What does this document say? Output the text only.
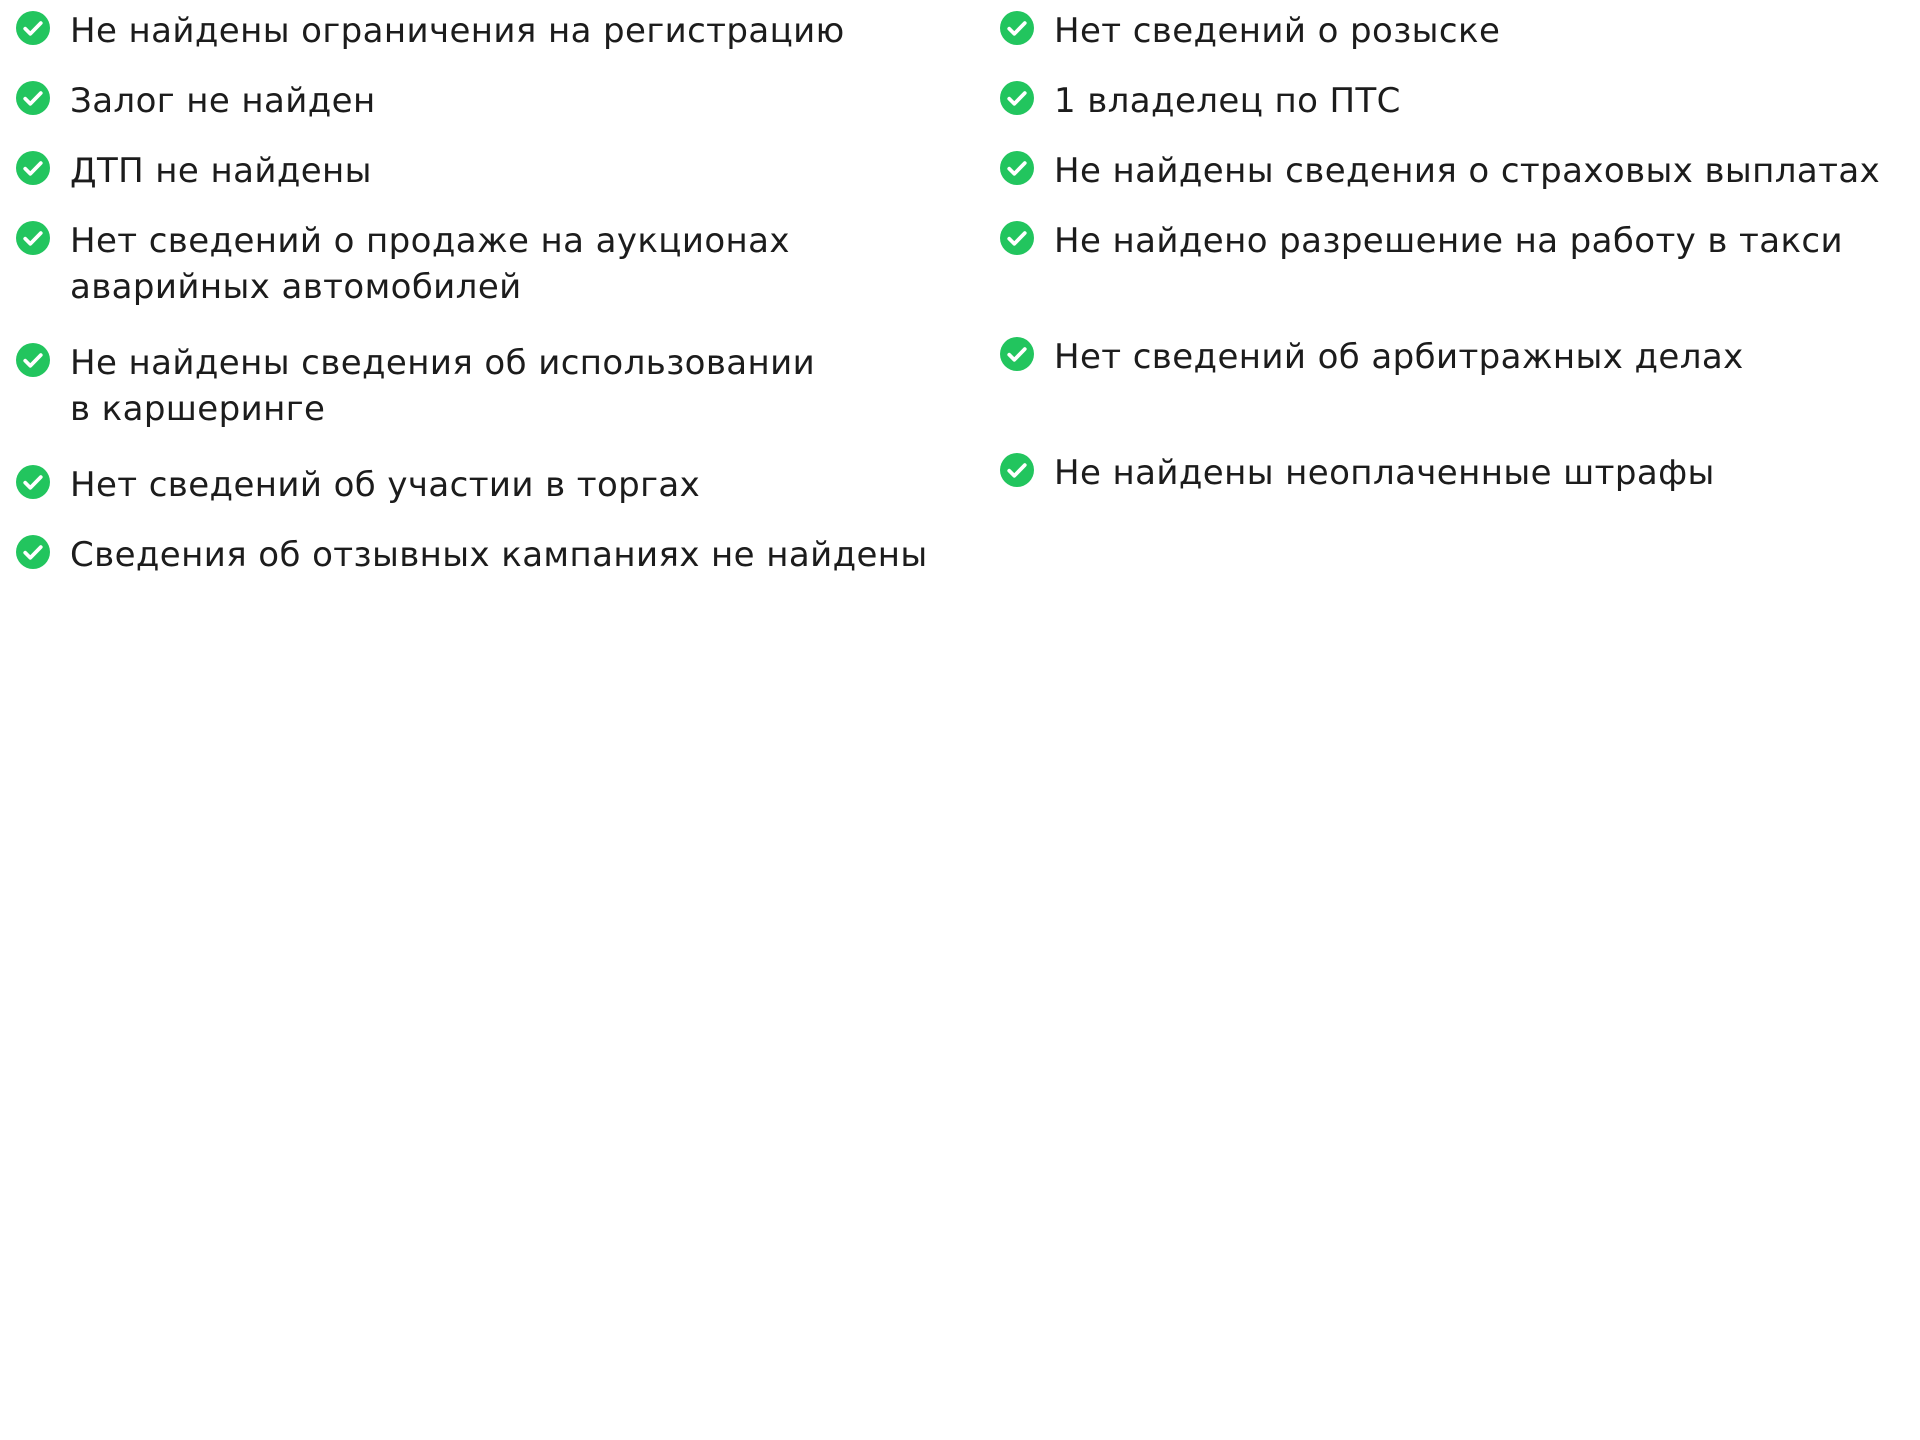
Не найдены ограничения на регистрацию
Залог не найден
ДТП не найдены
Нет сведений о продаже на аукционах аварийных автомобилей
Не найдены сведения об использовании в каршеринге
Нет сведений об участии в торгах
Сведения об отзывных кампаниях не найдены
Нет сведений о розыске
1 владелец по ПТС
Не найдены сведения о страховых выплатах
Не найдено разрешение на работу в такси
Нет сведений об арбитражных делах
Не найдены неоплаченные штрафы
